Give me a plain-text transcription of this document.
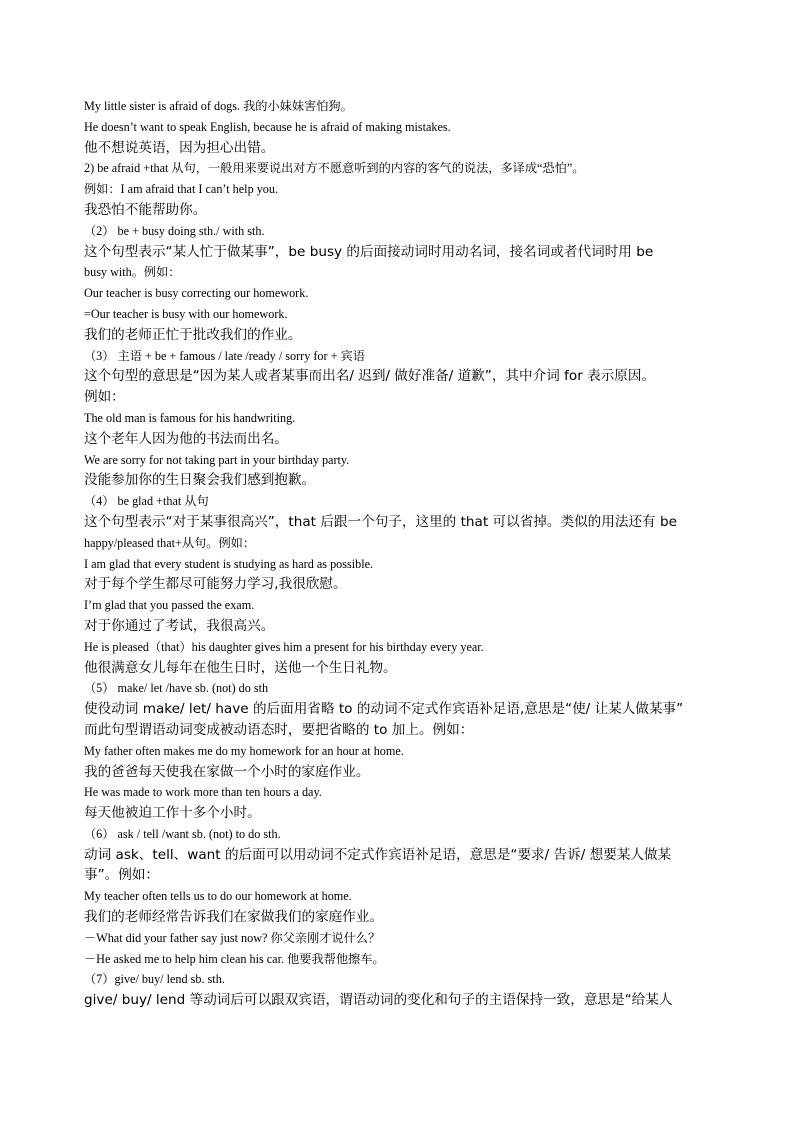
My little sister is afraid of dogs. 我的小妹妹害怕狗。
He doesn’t want to speak English, because he is afraid of making mistakes.
他不想说英语，因为担心出错。
2) be afraid +that 从句，一般用来要说出对方不愿意听到的内容的客气的说法，多译成“恐怕”。
例如：I am afraid that I can’t help you.
我恐怕不能帮助你。
（2） be + busy doing sth./ with sth.
这个句型表示“某人忙于做某事”，be busy 的后面接动词时用动名词，接名词或者代词时用 be
busy with。例如：
Our teacher is busy correcting our homework.
=Our teacher is busy with our homework.
我们的老师正忙于批改我们的作业。
（3） 主语 + be + famous / late /ready / sorry for + 宾语
这个句型的意思是“因为某人或者某事而出名/ 迟到/ 做好准备/ 道歉”，其中介词 for 表示原因。
例如：
The old man is famous for his handwriting.
这个老年人因为他的书法而出名。
We are sorry for not taking part in your birthday party.
没能参加你的生日聚会我们感到抱歉。
（4） be glad +that 从句
这个句型表示“对于某事很高兴”，that 后跟一个句子，这里的 that 可以省掉。类似的用法还有 be
happy/pleased that+从句。例如：
I am glad that every student is studying as hard as possible.
对于每个学生都尽可能努力学习,我很欣慰。
I’m glad that you passed the exam.
对于你通过了考试，我很高兴。
He is pleased（that）his daughter gives him a present for his birthday every year.
他很满意女儿每年在他生日时，送他一个生日礼物。
（5） make/ let /have sb. (not) do sth
使役动词 make/ let/ have 的后面用省略 to 的动词不定式作宾语补足语,意思是“使/ 让某人做某事”
而此句型谓语动词变成被动语态时，要把省略的 to 加上。例如：
My father often makes me do my homework for an hour at home.
我的爸爸每天使我在家做一个小时的家庭作业。
He was made to work more than ten hours a day.
每天他被迫工作十多个小时。
（6） ask / tell /want sb. (not) to do sth.
动词 ask、tell、want 的后面可以用动词不定式作宾语补足语，意思是“要求/ 告诉/ 想要某人做某
事”。例如：
My teacher often tells us to do our homework at home.
我们的老师经常告诉我们在家做我们的家庭作业。
－What did your father say just now? 你父亲刚才说什么？
－He asked me to help him clean his car. 他要我帮他擦车。
（7）give/ buy/ lend sb. sth.
give/ buy/ lend 等动词后可以跟双宾语，谓语动词的变化和句子的主语保持一致，意思是“给某人
